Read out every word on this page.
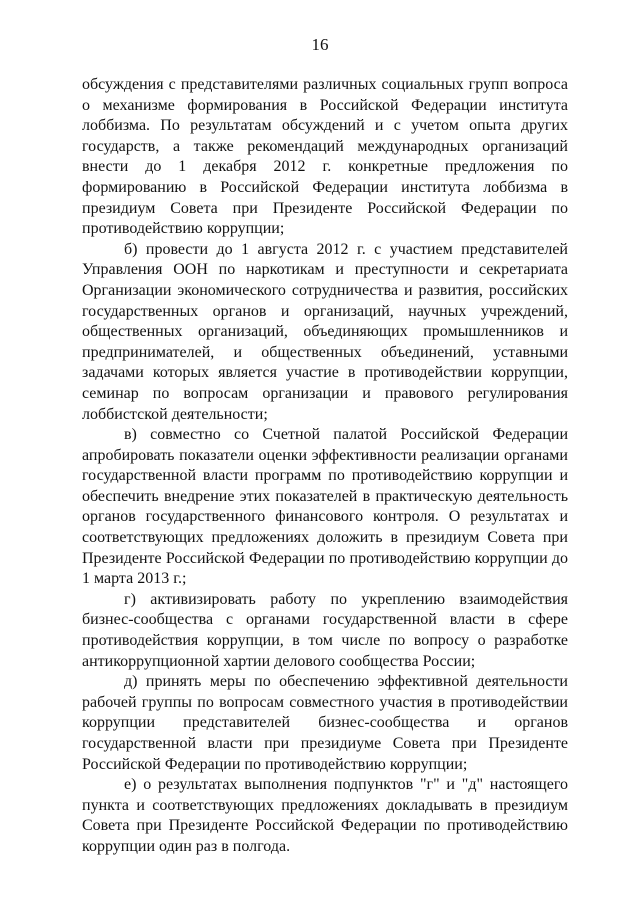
16

обсуждения с представителями различных социальных групп вопроса о механизме формирования в Российской Федерации института лоббизма. По результатам обсуждений и с учетом опыта других государств, а также рекомендаций международных организаций внести до 1 декабря 2012 г. конкретные предложения по формированию в Российской Федерации института лоббизма в президиум Совета при Президенте Российской Федерации по противодействию коррупции;

б) провести до 1 августа 2012 г. с участием представителей Управления ООН по наркотикам и преступности и секретариата Организации экономического сотрудничества и развития, российских государственных органов и организаций, научных учреждений, общественных организаций, объединяющих промышленников и предпринимателей, и общественных объединений, уставными задачами которых является участие в противодействии коррупции, семинар по вопросам организации и правового регулирования лоббистской деятельности;

в) совместно со Счетной палатой Российской Федерации апробировать показатели оценки эффективности реализации органами государственной власти программ по противодействию коррупции и обеспечить внедрение этих показателей в практическую деятельность органов государственного финансового контроля. О результатах и соответствующих предложениях доложить в президиум Совета при Президенте Российской Федерации по противодействию коррупции до 1 марта 2013 г.;

г) активизировать работу по укреплению взаимодействия бизнес-сообщества с органами государственной власти в сфере противодействия коррупции, в том числе по вопросу о разработке антикоррупционной хартии делового сообщества России;

д) принять меры по обеспечению эффективной деятельности рабочей группы по вопросам совместного участия в противодействии коррупции представителей бизнес-сообщества и органов государственной власти при президиуме Совета при Президенте Российской Федерации по противодействию коррупции;

е) о результатах выполнения подпунктов "г" и "д" настоящего пункта и соответствующих предложениях докладывать в президиум Совета при Президенте Российской Федерации по противодействию коррупции один раз в полгода.
